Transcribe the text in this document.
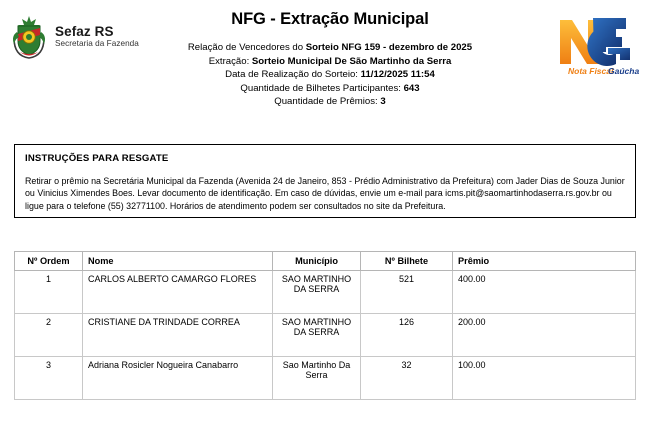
Sefaz RS
Secretaria da Fazenda
NFG - Extração Municipal
Relação de Vencedores do Sorteio NFG 159 - dezembro de 2025
Extração: Sorteio Municipal De São Martinho da Serra
Data de Realização do Sorteio: 11/12/2025 11:54
Quantidade de Bilhetes Participantes: 643
Quantidade de Prêmios: 3
Nota Fiscal
Gaúcha
INSTRUÇÕES PARA RESGATE
Retirar o prêmio na Secretária Municipal da Fazenda (Avenida 24 de Janeiro, 853 - Prédio Administrativo da Prefeitura) com Jader Dias de Souza Junior ou Vinicius Ximendes Boes. Levar documento de identificação. Em caso de dúvidas, envie um e-mail para icms.pit@saomartinhodaserra.rs.gov.br ou ligue para o telefone (55) 32771100. Horários de atendimento podem ser consultados no site da Prefeitura.
Nº Ordem	Nome	Município	Nº Bilhete	Prêmio
1	CARLOS ALBERTO CAMARGO FLORES	SAO MARTINHO DA SERRA	521	400.00
2	CRISTIANE DA TRINDADE CORREA	SAO MARTINHO DA SERRA	126	200.00
3	Adriana Rosicler Nogueira Canabarro	Sao Martinho Da Serra	32	100.00
